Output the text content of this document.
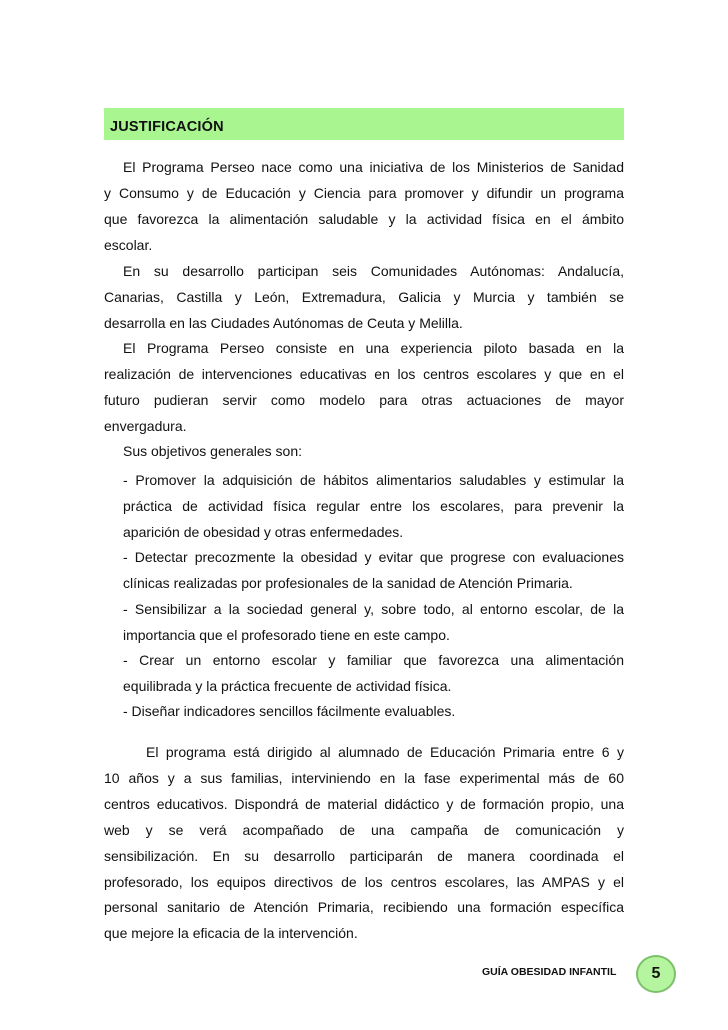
JUSTIFICACIÓN
El Programa Perseo nace como una iniciativa de los Ministerios de Sanidad
y Consumo y de Educación y Ciencia para promover y difundir un programa
que favorezca la alimentación saludable y la actividad física en el ámbito
escolar.
En su desarrollo participan seis Comunidades Autónomas: Andalucía,
Canarias, Castilla y León, Extremadura, Galicia y Murcia y también se
desarrolla en las Ciudades Autónomas de Ceuta y Melilla.
El Programa Perseo consiste en una experiencia piloto basada en la
realización de intervenciones educativas en los centros escolares y que en el
futuro pudieran servir como modelo para otras actuaciones de mayor
envergadura.
Sus objetivos generales son:
- Promover la adquisición de hábitos alimentarios saludables y estimular la
práctica de actividad física regular entre los escolares, para prevenir la
aparición de obesidad y otras enfermedades.
- Detectar precozmente la obesidad y evitar que progrese con evaluaciones
clínicas realizadas por profesionales de la sanidad de Atención Primaria.
- Sensibilizar a la sociedad general y, sobre todo, al entorno escolar, de la
importancia que el profesorado tiene en este campo.
- Crear un entorno escolar y familiar que favorezca una alimentación
equilibrada y la práctica frecuente de actividad física.
- Diseñar indicadores sencillos fácilmente evaluables.
El programa está dirigido al alumnado de Educación Primaria entre 6 y
10 años y a sus familias, interviniendo en la fase experimental más de 60
centros educativos. Dispondrá de material didáctico y de formación propio, una
web y se verá acompañado de una campaña de comunicación y
sensibilización. En su desarrollo participarán de manera coordinada el
profesorado, los equipos directivos de los centros escolares, las AMPAS y el
personal sanitario de Atención Primaria, recibiendo una formación específica
que mejore la eficacia de la intervención.
GUÍA OBESIDAD INFANTIL	5
